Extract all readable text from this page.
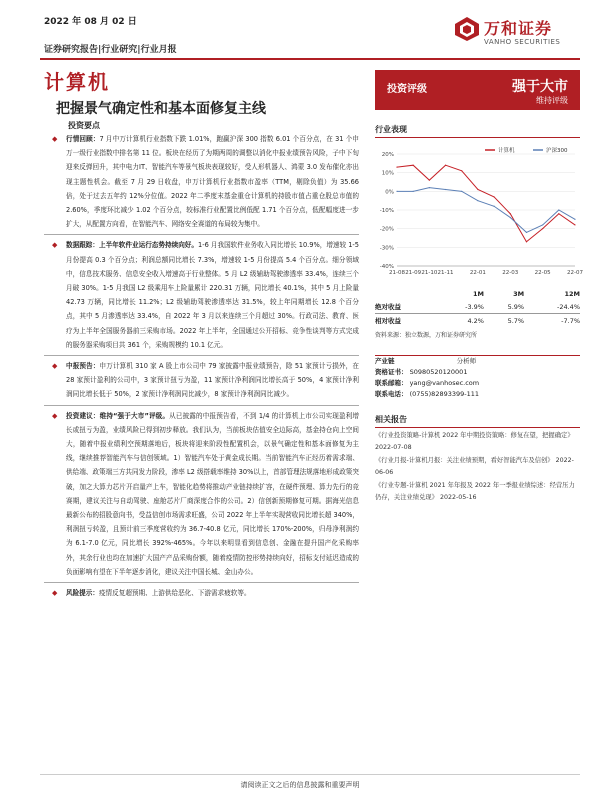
2022 年 08 月 02 日
证券研究报告|行业研究|行业月报
万和证券
VANHO SECURITIES
计算机
把握景气确定性和基本面修复主线
投资要点

◆ 行情回顾：7 月中万计算机行业指数下跌 1.01%，跑赢沪深 300 指数 6.01 个百分点，在 31 个申万一级行业指数中排名第 11 位。板块在经历了为期两周的调整以消化中报业绩预告风险，子中下旬迎来反弹回升，其中电力IT、智能汽车等景气板块表现较好，受人形机器人、鸿蒙 3.0 发布催化亦出现主题性机会。截至 7 月 29 日收盘，申万计算机行业指数市盈率（TTM，剔除负值）为 35.66 倍，处于过去五年约 12%分位值。2022 年二季度末基金重仓计算机的持股市值占重仓股总市值的 2.60%，季度环比减少 1.02 个百分点，较标准行业配置比例低配 1.71 个百分点，低配幅度进一步扩大，从配置方向看，在智能汽车、网络安全赛道的布局较为集中。

◆ 数据跟踪：上半年软件业运行态势持续向好。1-6 月我国软件业务收入同比增长 10.9%，增速较 1-5 月份提高 0.3 个百分点；利润总额同比增长 7.3%，增速较 1-5 月份提高 5.4 个百分点。细分领域中，信息技术服务、信息安全收入增速高于行业整体。5 月 L2 级辅助驾驶渗透率 33.4%，连续三个月破 30%。1-5 月我国 L2 级乘用车上险量累计 220.31 万辆，同比增长 40.1%，其中 5 月上险量 42.73 万辆，同比增长 11.2%；L2 级辅助驾驶渗透率达 31.5%，较上年同期增长 12.8 个百分点，其中 5 月渗透率达 33.4%，自 2022 年 3 月以来连续三个月超过 30%。行政司法、教育、医疗为上半年全国服务器前三采购市场。2022 年上半年，全国通过公开招标、竞争性谈判等方式完成的服务器采购项目共 361 个，采购规模约 10.1 亿元。

◆ 中报预告：申万计算机 310 家 A 股上市公司中 79 家披露中报业绩预告，除 51 家预计亏损外，在 28 家预计盈利的公司中，3 家预计扭亏为盈，11 家预计净利润同比增长高于 50%，4 家预计净利润同比增长低于 50%，2 家预计净利润同比减少，8 家预计净利润同比减少。

◆ 投资建议：维持“强于大市”评级。从已披露的中报预告看，不到 1/4 的计算机上市公司实现盈利增长或扭亏为盈，业绩风险已得到初步释放。我们认为，当前板块估值安全边际高，基金持仓向上空间大，随着中报业绩利空预期落地后，板块将迎来阶段性配置机会，以景气确定性和基本面修复为主线，继续推荐智能汽车与信创领域。1）智能汽车处于黄金成长期。当前智能汽车正经历着需求端、供给端、政策端三方共同发力阶段，渗率 L2 级搭载率维持 30%以上，首部管理法规落地形成政策突破，加之大算力芯片开启量产上车，智能化趋势将推动产业链持续扩容，在硬件预埋、算力先行的竞赛期，建议关注与自动驾驶、座舱芯片厂商深度合作的公司。2）信创新预期修复可期。据海光信息最新公布的招股意向书，受益信创市场需求旺盛，公司 2022 年上半年实现营收同比增长超 340%，利润扭亏转盈，且预计前三季度营收约为 36.7-40.8 亿元，同比增长 170%-200%，归母净利润约为 6.1-7.0 亿元，同比增长 392%-465%。今年以来明显看到信息创、金融在提升国产化采购率外，其余行业也均在加速扩大国产产品采购份额，随着疫情防控形势持续向好，招标支付延迟造成的负面影响有望在下半年逐步消化，建议关注中国长城、金山办公。

◆ 风险提示：疫情反复超预期、上游供给恶化、下游需求疲软等。

投资评级	强于大市
维持评级
行业表现
-40%
-30%
-20%
-10%
0%
10%
20%
21-08 21-09 21-10 21-11	22-01	22-03	22-05	22-07
计算机	沪深300
	1M	3M	12M
绝对收益	-3.9%	5.9%	-24.4%
相对收益	4.2%	5.7%	-7.7%
资料来源：独立数源，万和证券研究所
产业链	分析师
资格证书： S0980520120001
联系邮箱： yang@vanhosec.com
联系电话： (0755)82893399-111
相关报告
《行业投资策略-计算机 2022 年中期投资策略：修复在望，把握确定》 2022-07-08
《行业月报-计算机月报：关注业绩预期，看好智能汽车及信创》 2022-06-06
《行业专题-计算机 2021 年年报及 2022 年一季报业绩综述：经营压力仍存，关注业绩兑现》 2022-05-16
请阅读正文之后的信息披露和重要声明
